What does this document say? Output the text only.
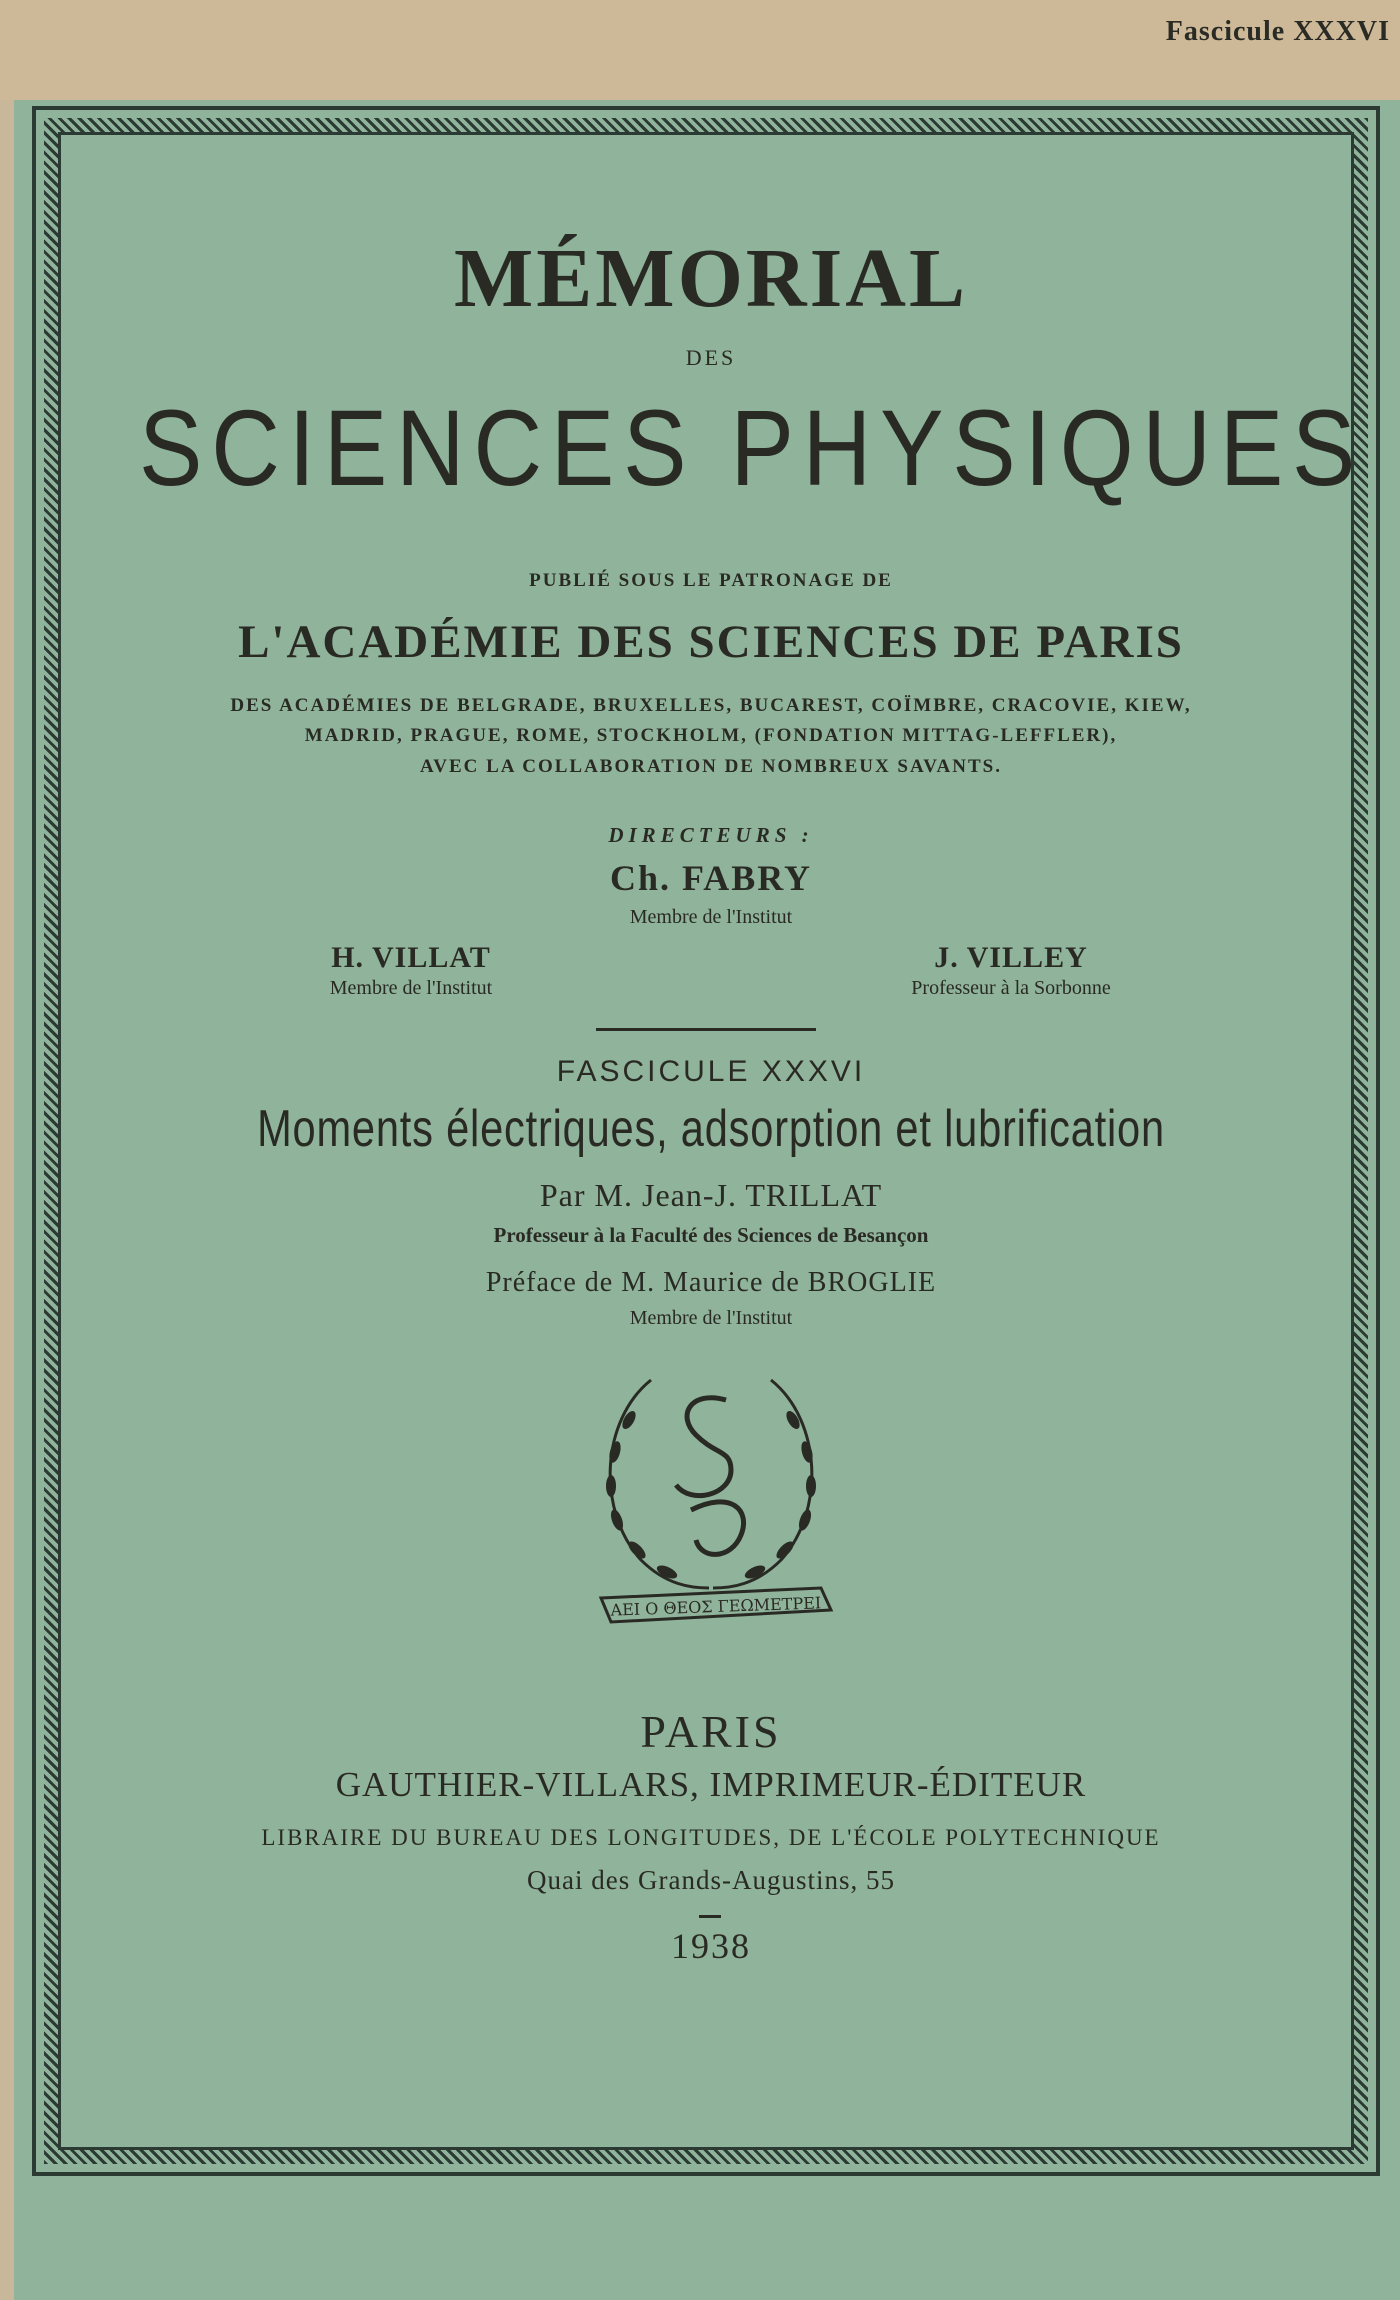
Fascicule XXXVI
MÉMORIAL
DES
SCIENCES PHYSIQUES
PUBLIÉ SOUS LE PATRONAGE DE
L'ACADÉMIE DES SCIENCES DE PARIS
DES ACADÉMIES DE BELGRADE, BRUXELLES, BUCAREST, COÏMBRE, CRACOVIE, KIEW,
MADRID, PRAGUE, ROME, STOCKHOLM, (FONDATION MITTAG-LEFFLER),
AVEC LA COLLABORATION DE NOMBREUX SAVANTS.
DIRECTEURS :
Ch. FABRY
Membre de l'Institut
H. VILLAT
Membre de l'Institut
J. VILLEY
Professeur à la Sorbonne
FASCICULE XXXVI
Moments électriques, adsorption et lubrification
Par M. Jean-J. TRILLAT
Professeur à la Faculté des Sciences de Besançon
Préface de M. Maurice de BROGLIE
Membre de l'Institut
ΑΕΙ Ο ΘΕΟΣ ΓΕΩΜΕΤΡΕΙ
PARIS
GAUTHIER-VILLARS, IMPRIMEUR-ÉDITEUR
LIBRAIRE DU BUREAU DES LONGITUDES, DE L'ÉCOLE POLYTECHNIQUE
Quai des Grands-Augustins, 55
1938
